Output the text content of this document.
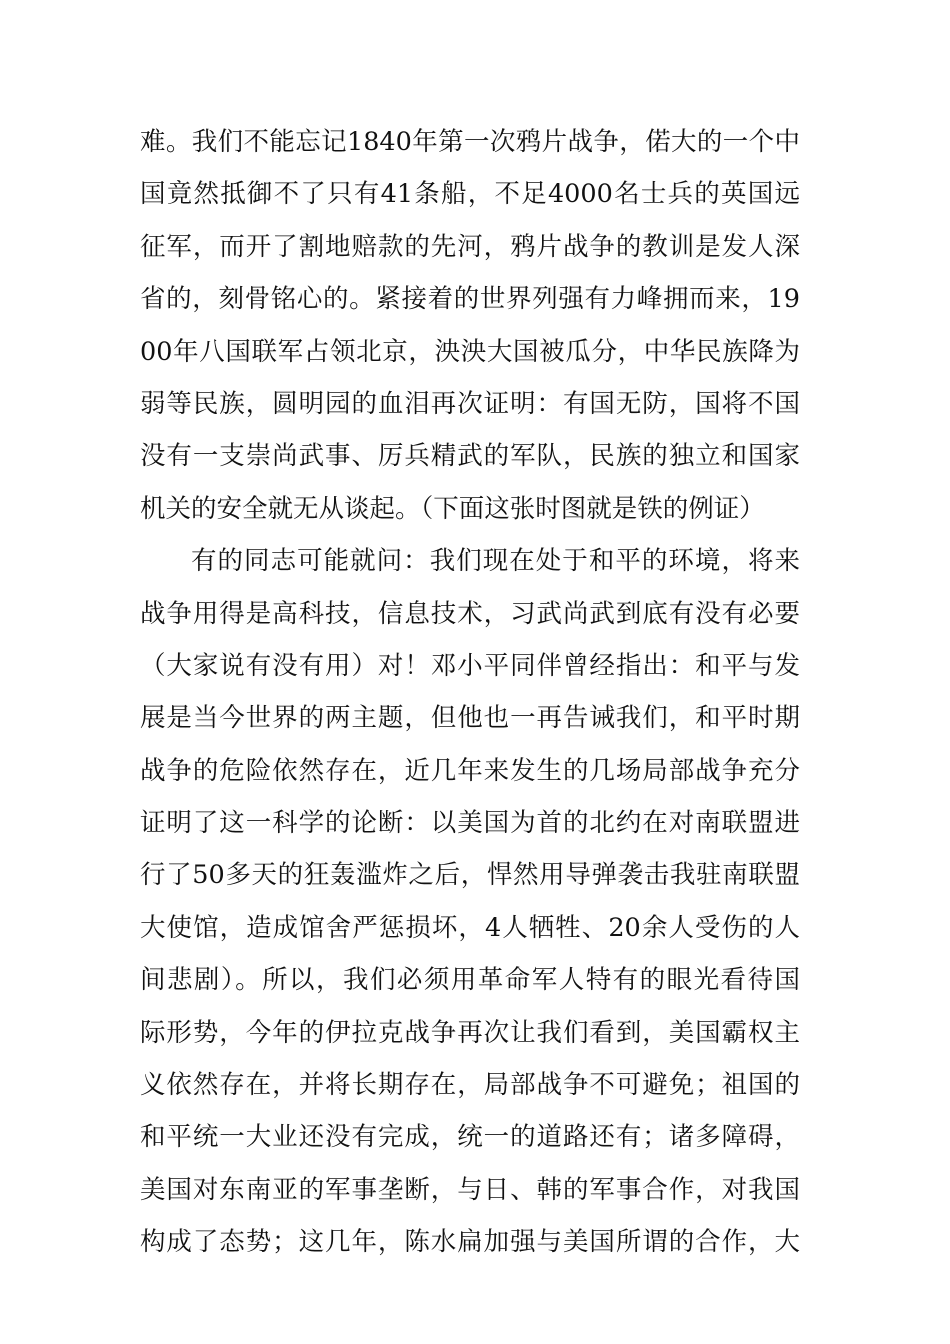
难。我们不能忘记1840年第一次鸦片战争，偌大的一个中
国竟然抵御不了只有41条船，不足4000名士兵的英国远
征军，而开了割地赔款的先河，鸦片战争的教训是发人深
省的，刻骨铭心的。紧接着的世界列强有力峰拥而来，19
00年八国联军占领北京，泱泱大国被瓜分，中华民族降为
弱等民族，圆明园的血泪再次证明：有国无防，国将不国
没有一支崇尚武事、厉兵精武的军队，民族的独立和国家
机关的安全就无从谈起。（下面这张时图就是铁的例证）
有的同志可能就问：我们现在处于和平的环境，将来
战争用得是高科技，信息技术，习武尚武到底有没有必要
（大家说有没有用）对！邓小平同伴曾经指出：和平与发
展是当今世界的两主题，但他也一再告诫我们，和平时期
战争的危险依然存在，近几年来发生的几场局部战争充分
证明了这一科学的论断：以美国为首的北约在对南联盟进
行了50多天的狂轰滥炸之后，悍然用导弹袭击我驻南联盟
大使馆，造成馆舍严惩损坏，4人牺牲、20余人受伤的人
间悲剧）。所以，我们必须用革命军人特有的眼光看待国
际形势，今年的伊拉克战争再次让我们看到，美国霸权主
义依然存在，并将长期存在，局部战争不可避免；祖国的
和平统一大业还没有完成，统一的道路还有；诸多障碍，
美国对东南亚的军事垄断，与日、韩的军事合作，对我国
构成了态势；这几年，陈水扁加强与美国所谓的合作，大
